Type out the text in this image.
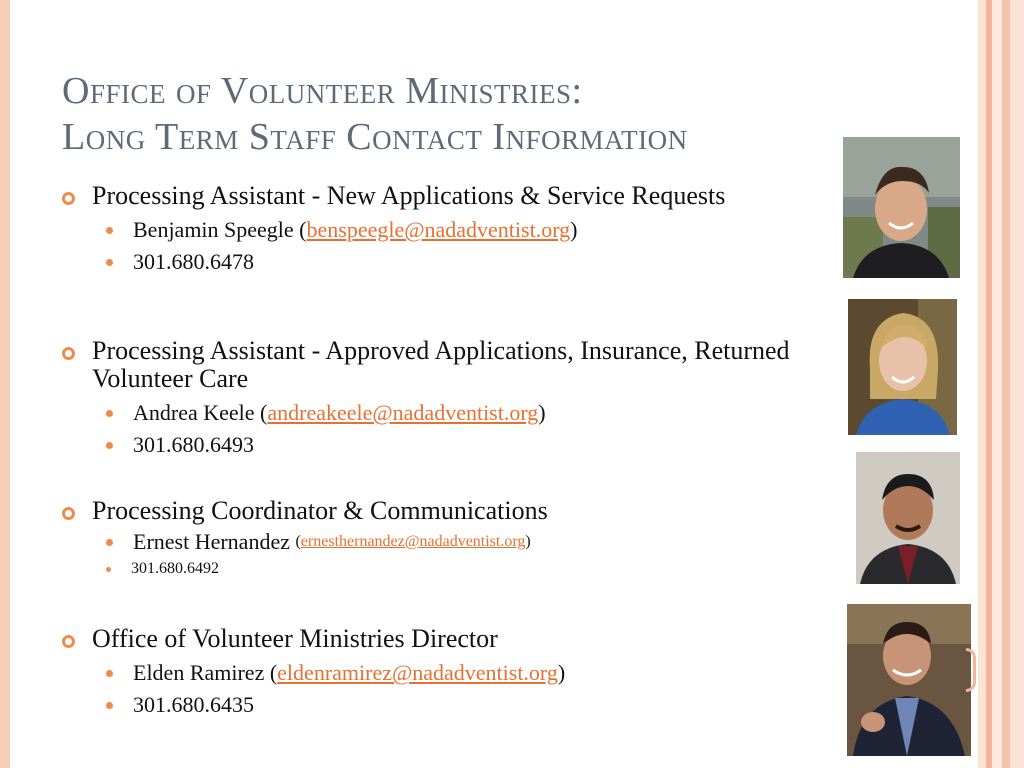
Office of Volunteer Ministries:
Long Term Staff Contact Information
Processing Assistant - New Applications & Service Requests
Benjamin Speegle ( benspeegle@nadadventist.org )
301.680.6478
Processing Assistant - Approved Applications, Insurance, Returned Volunteer Care
Andrea Keele ( andreakeele@nadadventist.org )
301.680.6493
Processing Coordinator & Communications
Ernest Hernandez
( ernesthernandez@nadadventist.org )
301.680.6492
Office of Volunteer Ministries Director
Elden Ramirez ( eldenramirez@nadadventist.org )
301.680.6435
